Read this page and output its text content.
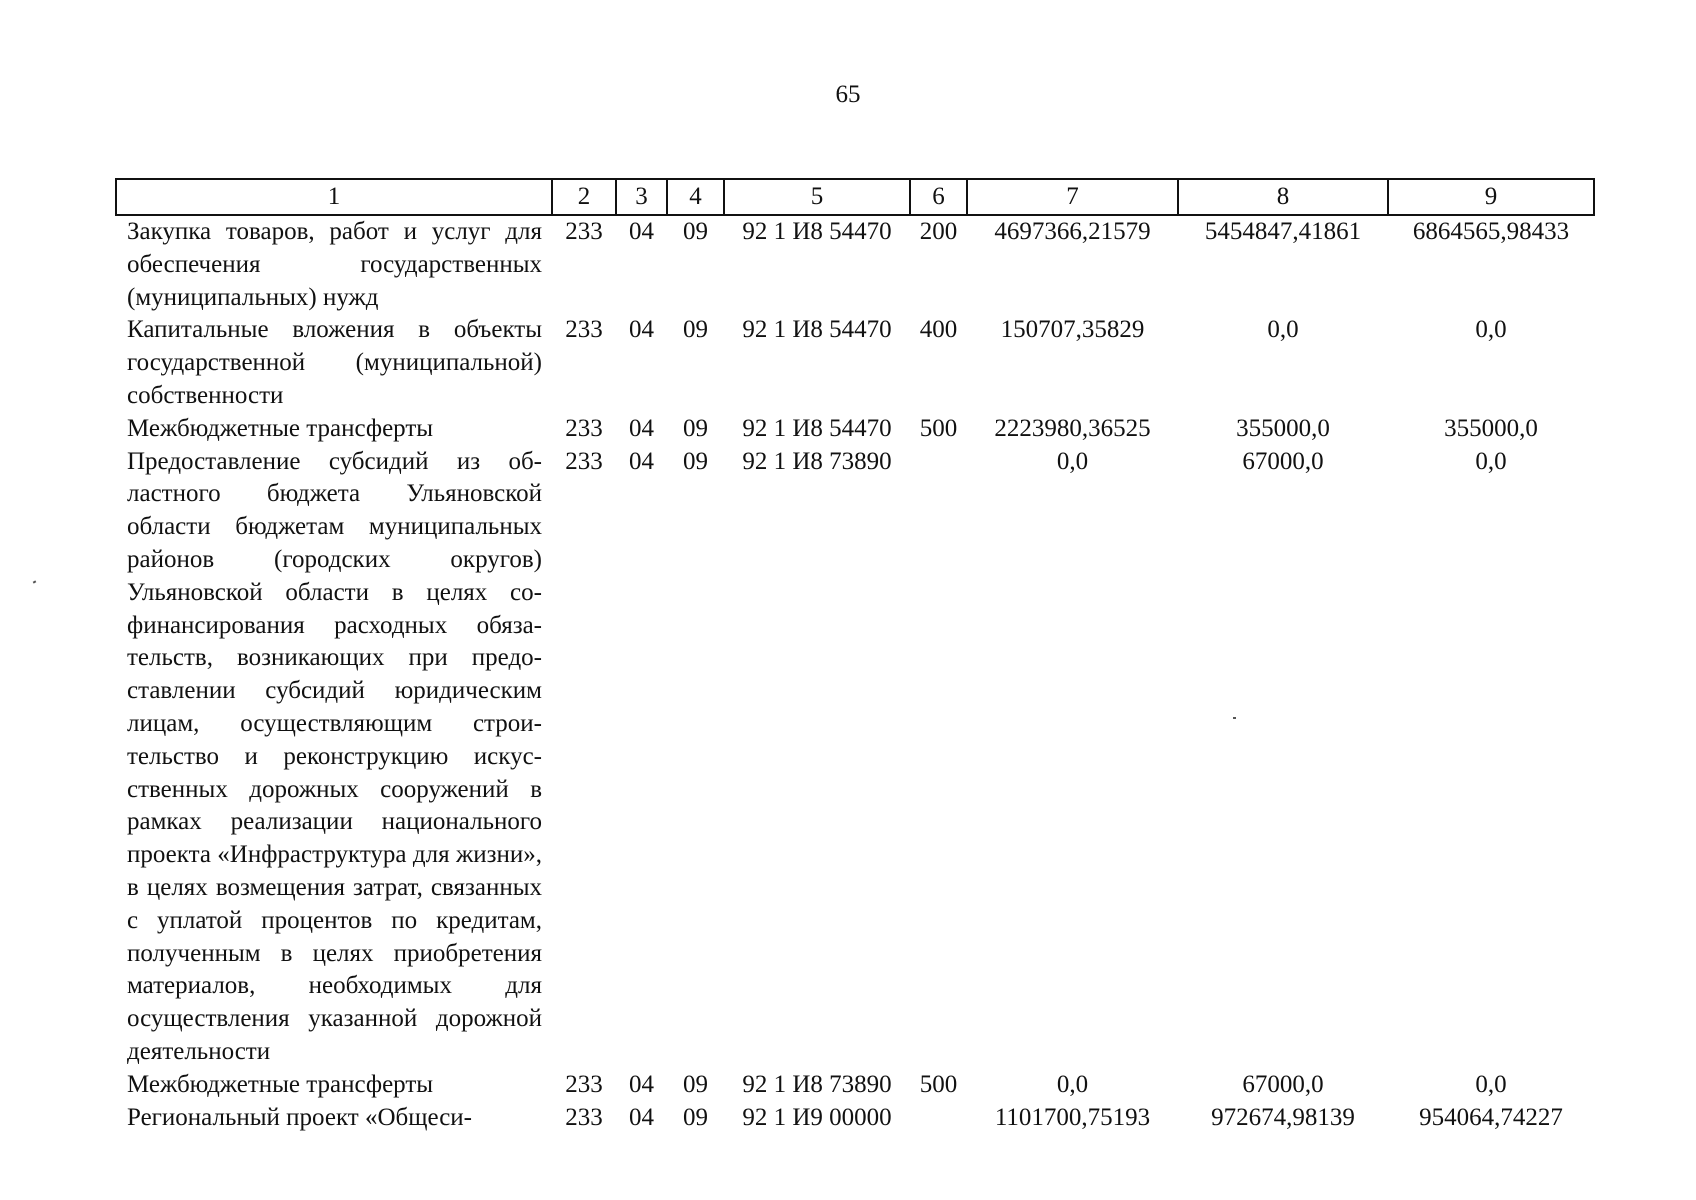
65
1	2	3	4	5	6	7	8	9
Закупка товаров, работ и услуг для обеспечения государственных (муниципальных) нужд	233	04	09	92 1 И8 54470	200	4697366,21579	5454847,41861	6864565,98433
Капитальные вложения в объекты государственной (муниципальной) собственности	233	04	09	92 1 И8 54470	400	150707,35829	0,0	0,0
Межбюджетные трансферты	233	04	09	92 1 И8 54470	500	2223980,36525	355000,0	355000,0
Предоставление субсидий из областного бюджета Ульяновской области бюджетам муниципальных районов (городских округов) Ульяновской области в целях софинансирования расходных обязательств, возникающих при предоставлении субсидий юридическим лицам, осуществляющим строительство и реконструкцию искусственных дорожных сооружений в рамках реализации национального проекта «Инфраструктура для жизни», в целях возмещения затрат, связанных с уплатой процентов по кредитам, полученным в целях приобретения материалов, необходимых для осуществления указанной дорожной деятельности	233	04	09	92 1 И8 73890		0,0	67000,0	0,0
Межбюджетные трансферты	233	04	09	92 1 И8 73890	500	0,0	67000,0	0,0
Региональный проект «Общеси-	233	04	09	92 1 И9 00000		1101700,75193	972674,98139	954064,74227
